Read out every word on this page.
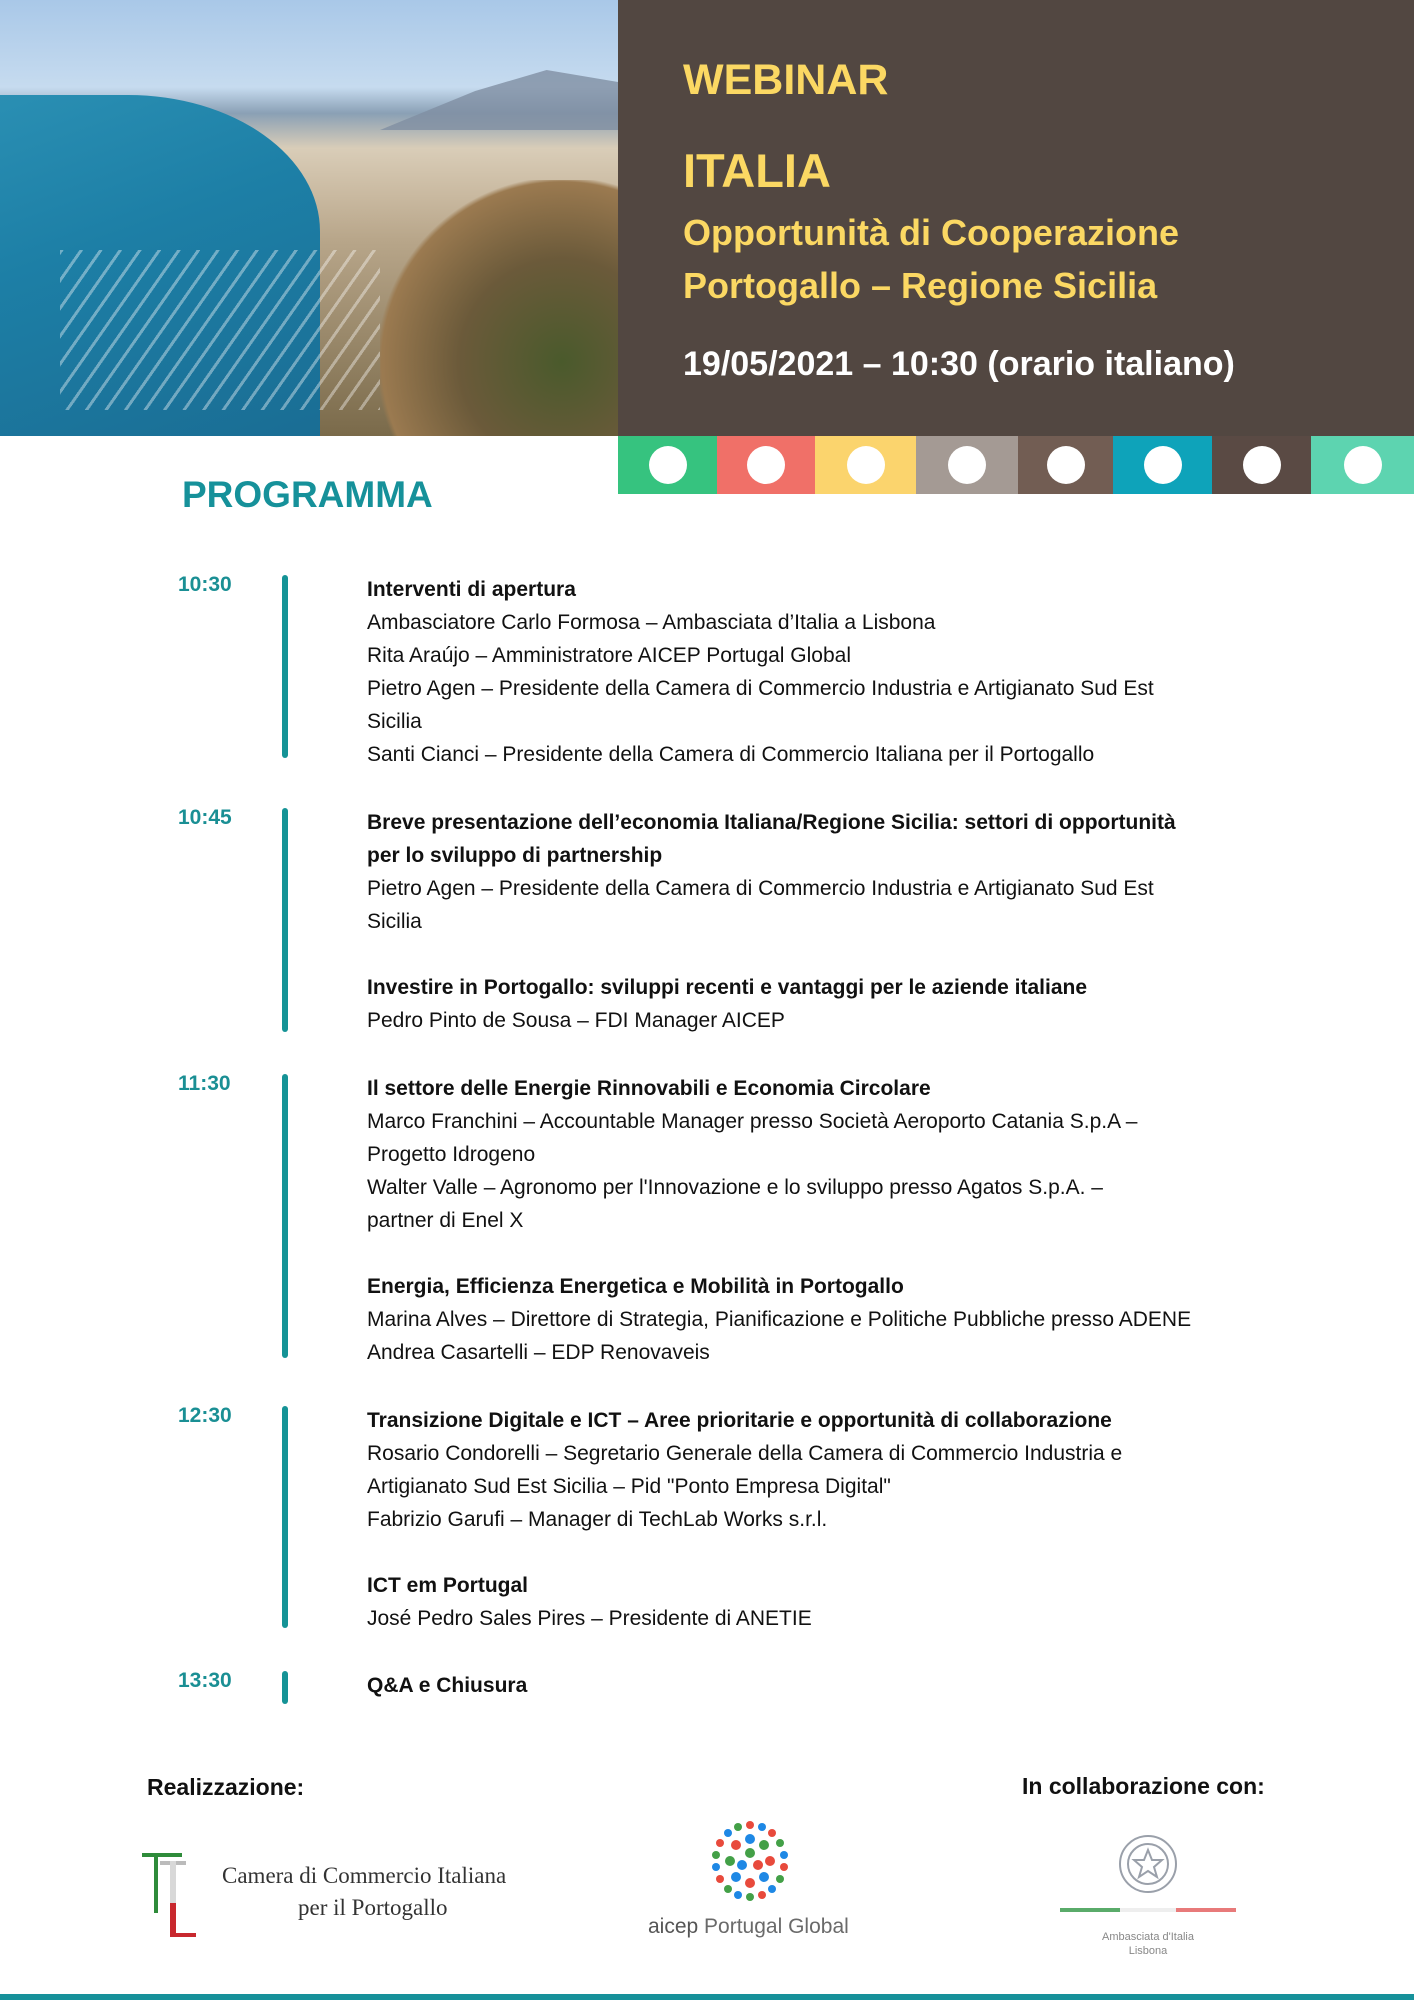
WEBINAR
ITALIA
Opportunità di Cooperazione
Portogallo – Regione Sicilia
19/05/2021 – 10:30 (orario italiano)
PROGRAMMA
10:30	Interventi di apertura
Ambasciatore Carlo Formosa – Ambasciata d’Italia a Lisbona
Rita Araújo – Amministratore AICEP Portugal Global
Pietro Agen – Presidente della Camera di Commercio Industria e Artigianato Sud Est
Sicilia
Santi Cianci – Presidente della Camera di Commercio Italiana per il Portogallo
10:45	Breve presentazione dell’economia Italiana/Regione Sicilia: settori di opportunità
per lo sviluppo di partnership
Pietro Agen – Presidente della Camera di Commercio Industria e Artigianato Sud Est
Sicilia
Investire in Portogallo: sviluppi recenti e vantaggi per le aziende italiane
Pedro Pinto de Sousa – FDI Manager AICEP
11:30	Il settore delle Energie Rinnovabili e Economia Circolare
Marco Franchini – Accountable Manager presso Società Aeroporto Catania S.p.A –
Progetto Idrogeno
Walter Valle – Agronomo per l'Innovazione e lo sviluppo presso Agatos S.p.A. –
partner di Enel X
Energia, Efficienza Energetica e Mobilità in Portogallo
Marina Alves – Direttore di Strategia, Pianificazione e Politiche Pubbliche presso ADENE
Andrea Casartelli – EDP Renovaveis
12:30	Transizione Digitale e ICT – Aree prioritarie e opportunità di collaborazione
Rosario Condorelli – Segretario Generale della Camera di Commercio Industria e
Artigianato Sud Est Sicilia – Pid "Ponto Empresa Digital"
Fabrizio Garufi – Manager di TechLab Works s.r.l.
ICT em Portugal
José Pedro Sales Pires – Presidente di ANETIE
13:30	Q&A e Chiusura
Realizzazione:	In collaborazione con:
Camera di Commercio Italiana
per il Portogallo
aicep Portugal Global	Ambasciata d'Italia
Lisbona
